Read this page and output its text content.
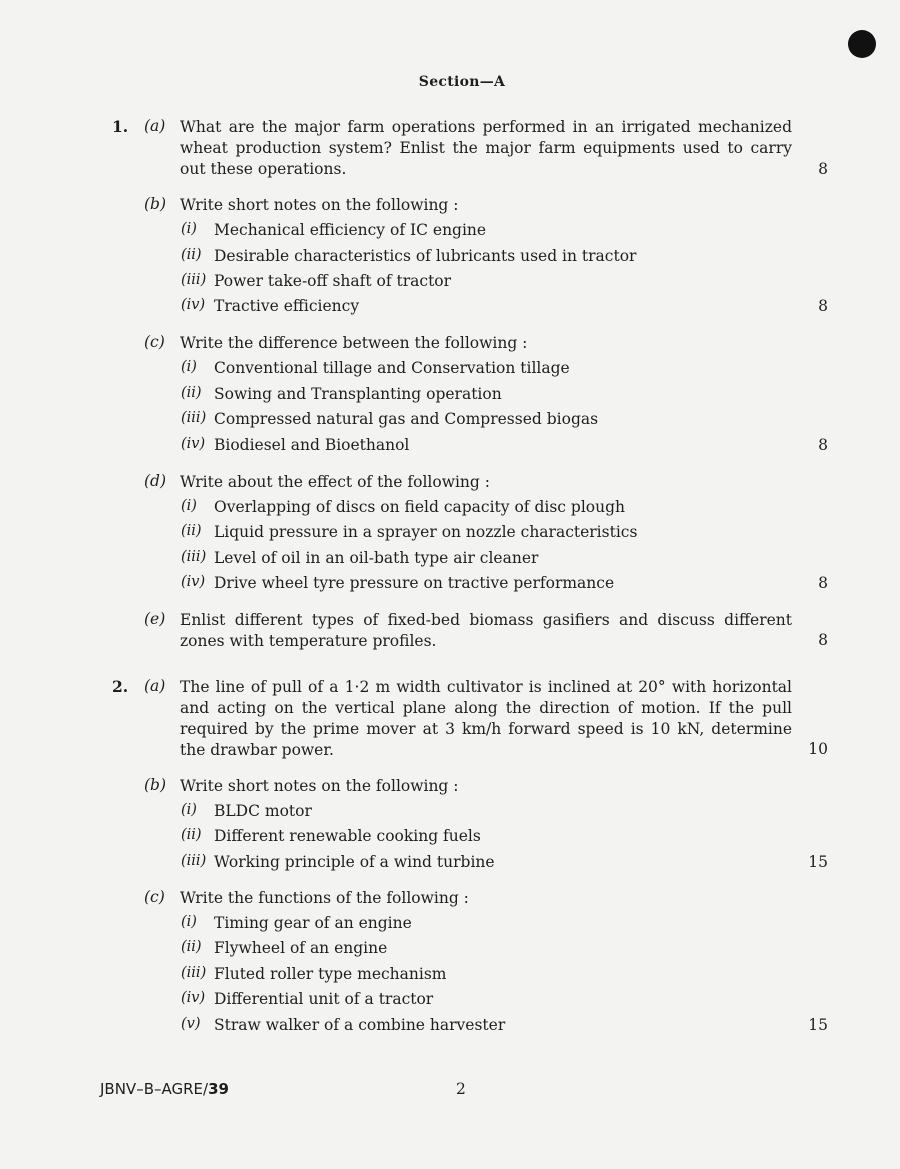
Section—A
1. (a) What are the major farm operations performed in an irrigated mechanized wheat production system? Enlist the major farm equipments used to carry out these operations.	8
(b) Write short notes on the following :
(i) Mechanical efficiency of IC engine
(ii) Desirable characteristics of lubricants used in tractor
(iii) Power take-off shaft of tractor
(iv) Tractive efficiency	8
(c) Write the difference between the following :
(i) Conventional tillage and Conservation tillage
(ii) Sowing and Transplanting operation
(iii) Compressed natural gas and Compressed biogas
(iv) Biodiesel and Bioethanol	8
(d) Write about the effect of the following :
(i) Overlapping of discs on field capacity of disc plough
(ii) Liquid pressure in a sprayer on nozzle characteristics
(iii) Level of oil in an oil-bath type air cleaner
(iv) Drive wheel tyre pressure on tractive performance	8
(e) Enlist different types of fixed-bed biomass gasifiers and discuss different zones with temperature profiles.	8
2. (a) The line of pull of a 1·2 m width cultivator is inclined at 20° with horizontal and acting on the vertical plane along the direction of motion. If the pull required by the prime mover at 3 km/h forward speed is 10 kN, determine the drawbar power.	10
(b) Write short notes on the following :
(i) BLDC motor
(ii) Different renewable cooking fuels
(iii) Working principle of a wind turbine	15
(c) Write the functions of the following :
(i) Timing gear of an engine
(ii) Flywheel of an engine
(iii) Fluted roller type mechanism
(iv) Differential unit of a tractor
(v) Straw walker of a combine harvester	15
JBNV–B–AGRE/39	2
